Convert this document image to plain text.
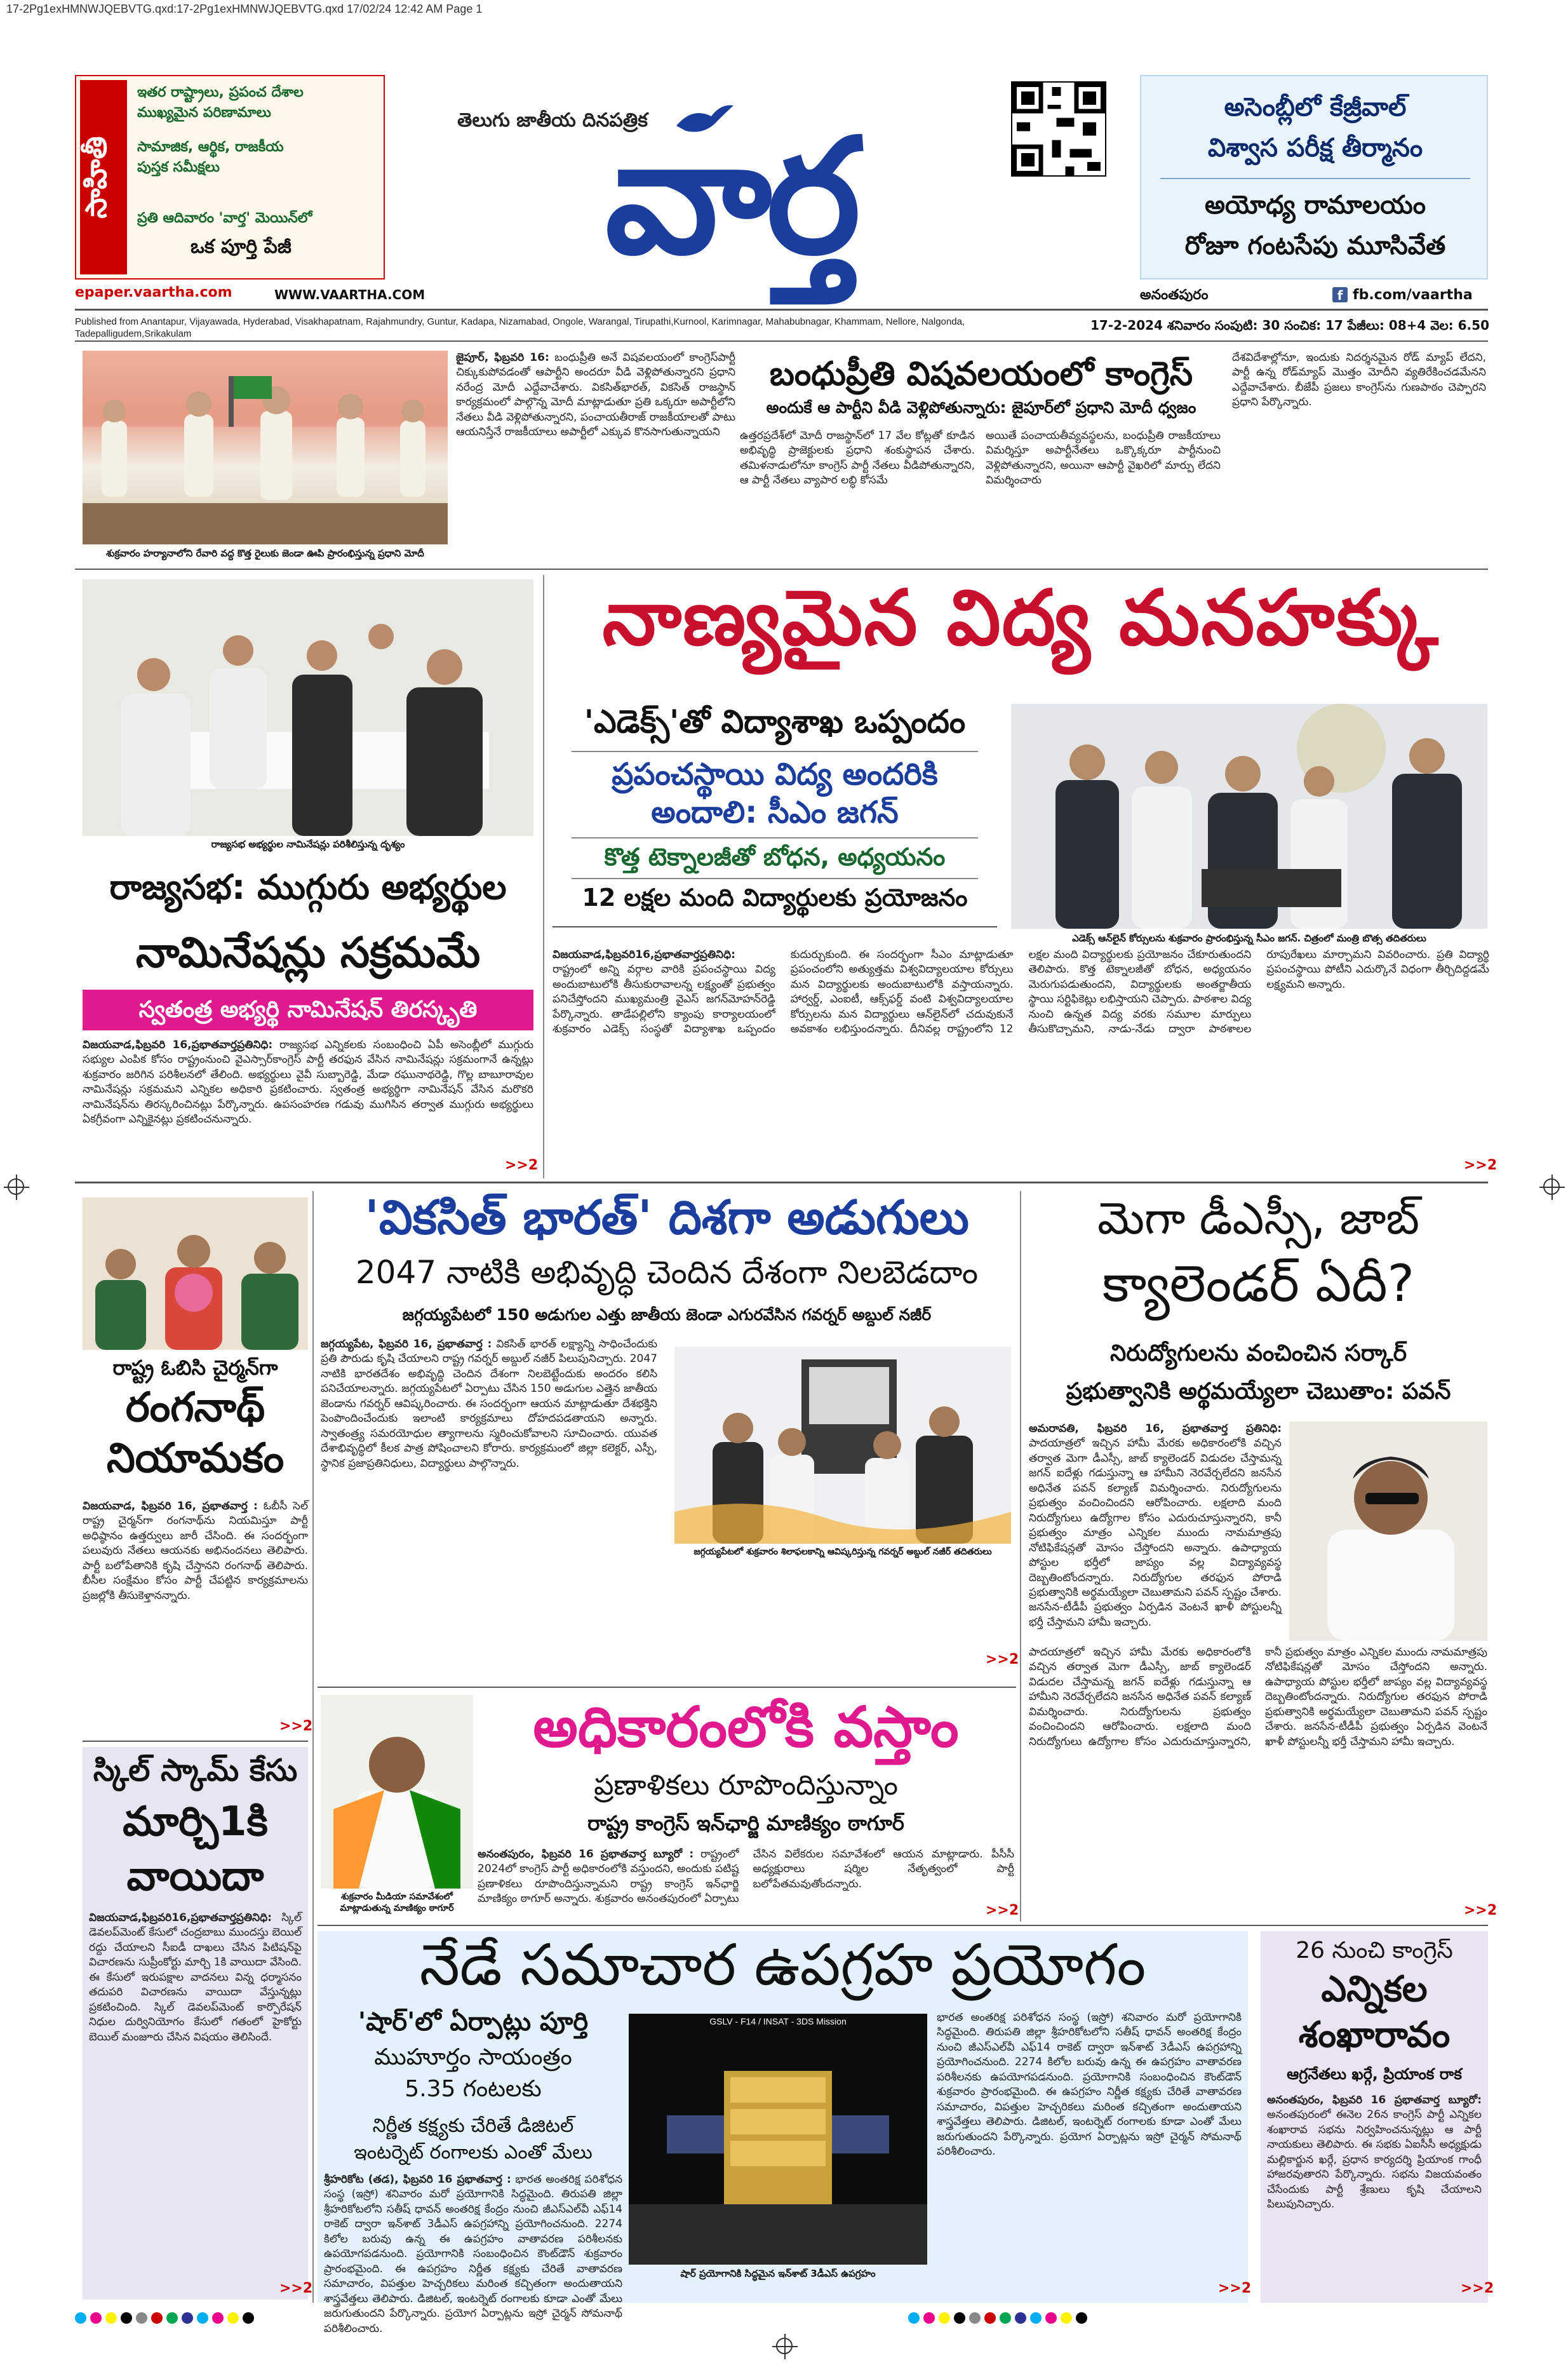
17-2Pg1exHMNWJQEBVTG.qxd:17-2Pg1exHMNWJQEBVTG.qxd 17/02/24 12:42 AM Page 1
సాహితీ
ఇతర రాష్ట్రాలు, ప్రపంచ దేశాల
ముఖ్యమైన పరిణామాలు
సామాజిక, ఆర్థిక, రాజకీయ
పుస్తక సమీక్షలు
ప్రతి ఆదివారం 'వార్త' మెయిన్‌లో
ఒక పూర్తి పేజీ
epaper.vaartha.com	WWW.VAARTHA.COM
తెలుగు జాతీయ దినపత్రిక
వార్త	అసెంబ్లీలో కేజ్రీవాల్
విశ్వాస పరీక్ష తీర్మానం
అయోధ్య రామాలయం
రోజూ గంటసేపు మూసివేత
అనంతపురం	f fb.com/vaartha
Published from Anantapur, Vijayawada, Hyderabad, Visakhapatnam, Rajahmundry, Guntur, Kadapa, Nizamabad, Ongole, Warangal, Tirupathi,Kurnool, Karimnagar, Mahabubnagar, Khammam, Nellore, Nalgonda, Tadepalligudem,Srikakulam
17-2-2024 శనివారం సంపుటి: 30 సంచిక: 17 పేజీలు: 08+4 వెల: 6.50
శుక్రవారం హర్యానాలోని రేవారి వద్ద కొత్త రైలుకు జెండా ఊపి ప్రారంభిస్తున్న ప్రధాని మోదీ
జైపూర్, ఫిబ్రవరి 16: బంధుప్రీతి అనే విషవలయంలో కాంగ్రెస్‌పార్టీ చిక్కుకుపోవడంతో ఆపార్టీని అందరూ వీడి వెళ్లిపోతున్నారని ప్రధాని నరేంద్ర మోదీ ఎద్దేవాచేశారు. వికసిత్‌భారత్, వికసిత్ రాజస్థాన్ కార్యక్రమంలో పాల్గొన్న మోదీ మాట్లాడుతూ ప్రతి ఒక్కరూ అపార్టీలోని నేతలు వీడి వెళ్లిపోతున్నారని, పంచాయతీరాజ్ రాజకీయాలతో పాటు ఆయనిస్తేనే రాజకీయాలు అపార్టీలో ఎక్కువ కొనసాగుతున్నాయని
బంధుప్రీతి విషవలయంలో కాంగ్రెస్
అందుకే ఆ పార్టీని వీడి వెళ్లిపోతున్నారు: జైపూర్‌లో ప్రధాని మోదీ ధ్వజం
ఉత్తరప్రదేశ్‌లో మోదీ రాజస్థాన్‌లో 17 వేల కోట్లతో కూడిన అభివృద్ధి ప్రాజెక్టులకు ప్రధాని శంకుస్థాపన చేశారు. తమిళనాడులోనూ కాంగ్రెస్ పార్టీ నేతలు వీడిపోతున్నారని, ఆ పార్టీ నేతలు వ్యాపార లబ్ధి కోసమే
అయితే పంచాయతీవ్యవస్థలను, బంధుప్రీతి రాజకీయాలు విమర్శిస్తూ అపార్టీనేతలు ఒక్కొక్కరూ పార్టీనుంచి వెళ్లిపోతున్నారని, అయినా ఆపార్టీ వైఖరిలో మార్పు లేదని విమర్శించారు
దేశవిదేశాల్లోనూ, ఇందుకు నిదర్శనమైన రోడ్ మ్యాప్ లేదని, పార్టీ ఉన్న రోడ్‌మ్యాప్ మొత్తం మోదీని వ్యతిరేకించడమేనని ఎద్దేవాచేశారు. బీజేపీ ప్రజలు కాంగ్రెస్‌ను గుణపాఠం చెప్పారని ప్రధాని పేర్కొన్నారు.
రాజ్యసభ అభ్యర్థుల నామినేషన్లు పరిశీలిస్తున్న దృశ్యం
రాజ్యసభ: ముగ్గురు అభ్యర్థుల
నామినేషన్లు సక్రమమే
స్వతంత్ర అభ్యర్థి నామినేషన్ తిరస్కృతి
విజయవాడ,ఫిబ్రవరి 16,ప్రభాతవార్తప్రతినిధి: రాజ్యసభ ఎన్నికలకు సంబంధించి ఏపీ అసెంబ్లీలో ముగ్గురు సభ్యుల ఎంపిక కోసం రాష్ట్రంనుంచి వైఎస్సార్‌కాంగ్రెస్ పార్టీ తరఫున వేసిన నామినేషన్లు సక్రమంగానే ఉన్నట్లు శుక్రవారం జరిగిన పరిశీలనలో తేలింది. అభ్యర్థులు వైవీ సుబ్బారెడ్డి, మేడా రఘునాథరెడ్డి, గొల్ల బాబూరావుల నామినేషన్లు సక్రమమని ఎన్నికల అధికారి ప్రకటించారు. స్వతంత్ర అభ్యర్థిగా నామినేషన్ వేసిన మరొకరి నామినేషన్‌ను తిరస్కరించినట్లు పేర్కొన్నారు. ఉపసంహరణ గడువు ముగిసిన తర్వాత ముగ్గురు అభ్యర్థులు ఏకగ్రీవంగా ఎన్నికైనట్లు ప్రకటించనున్నారు.
>>2
నాణ్యమైన విద్య మనహక్కు
'ఎడెక్స్'తో విద్యాశాఖ ఒప్పందం
ప్రపంచస్థాయి విద్య అందరికి
అందాలి: సీఎం జగన్
కొత్త టెక్నాలజీతో బోధన, అధ్యయనం
12 లక్షల మంది విద్యార్థులకు ప్రయోజనం
ఎడెక్స్ ఆన్‌లైన్ కోర్సులను శుక్రవారం ప్రారంభిస్తున్న సీఎం జగన్. చిత్రంలో మంత్రి బొత్స తదితరులు
విజయవాడ,ఫిబ్రవరి16,ప్రభాతవార్తప్రతినిధి: రాష్ట్రంలో అన్ని వర్గాల వారికి ప్రపంచస్థాయి విద్య అందుబాటులోకి తీసుకురావాలన్న లక్ష్యంతో ప్రభుత్వం పనిచేస్తోందని ముఖ్యమంత్రి వైఎస్ జగన్‌మోహన్‌రెడ్డి పేర్కొన్నారు. తాడేపల్లిలోని క్యాంపు కార్యాలయంలో శుక్రవారం ఎడెక్స్ సంస్థతో విద్యాశాఖ ఒప్పందం కుదుర్చుకుంది. ఈ సందర్భంగా సీఎం మాట్లాడుతూ ప్రపంచంలోని అత్యుత్తమ విశ్వవిద్యాలయాల కోర్సులు మన విద్యార్థులకు అందుబాటులోకి వస్తాయన్నారు. హార్వర్డ్, ఎంఐటీ, ఆక్స్‌ఫర్డ్ వంటి విశ్వవిద్యాలయాల కోర్సులను మన విద్యార్థులు ఆన్‌లైన్‌లో చదువుకునే అవకాశం లభిస్తుందన్నారు. దీనివల్ల రాష్ట్రంలోని 12 లక్షల మంది విద్యార్థులకు ప్రయోజనం చేకూరుతుందని తెలిపారు. కొత్త టెక్నాలజీతో బోధన, అధ్యయనం మెరుగుపడుతుందని, విద్యార్థులకు అంతర్జాతీయ స్థాయి సర్టిఫికెట్లు లభిస్తాయని చెప్పారు. పాఠశాల విద్య నుంచి ఉన్నత విద్య వరకు సమూల మార్పులు తీసుకొచ్చామని, నాడు-నేడు ద్వారా పాఠశాలల రూపురేఖలు మార్చామని వివరించారు. ప్రతి విద్యార్థి ప్రపంచస్థాయి పోటీని ఎదుర్కొనే విధంగా తీర్చిదిద్దడమే లక్ష్యమని అన్నారు.
>>2
రాష్ట్ర ఓబిసి చైర్మన్‌గా
రంగనాథ్
నియామకం
విజయవాడ, ఫిబ్రవరి 16, ప్రభాతవార్త : ఓబీసీ సెల్ రాష్ట్ర చైర్మన్‌గా రంగనాథ్‌ను నియమిస్తూ పార్టీ అధిష్ఠానం ఉత్తర్వులు జారీ చేసింది. ఈ సందర్భంగా పలువురు నేతలు ఆయనకు అభినందనలు తెలిపారు. పార్టీ బలోపేతానికి కృషి చేస్తానని రంగనాథ్ తెలిపారు. బీసీల సంక్షేమం కోసం పార్టీ చేపట్టిన కార్యక్రమాలను ప్రజల్లోకి తీసుకెళ్తానన్నారు.
>>2
స్కిల్ స్కామ్ కేసు
మార్చి1కి
వాయిదా
విజయవాడ,ఫిబ్రవరి16,ప్రభాతవార్తప్రతినిధి: స్కిల్ డెవలప్‌మెంట్ కేసులో చంద్రబాబు ముందస్తు బెయిల్ రద్దు చేయాలని సీఐడీ దాఖలు చేసిన పిటిషన్‌పై విచారణను సుప్రీంకోర్టు మార్చి 1కి వాయిదా వేసింది. ఈ కేసులో ఇరుపక్షాల వాదనలు విన్న ధర్మాసనం తదుపరి విచారణను వాయిదా వేస్తున్నట్లు ప్రకటించింది. స్కిల్ డెవలప్‌మెంట్ కార్పొరేషన్ నిధుల దుర్వినియోగం కేసులో గతంలో హైకోర్టు బెయిల్ మంజూరు చేసిన విషయం తెలిసిందే.
>>2
'వికసిత్ భారత్' దిశగా అడుగులు
2047 నాటికి అభివృద్ధి చెందిన దేశంగా నిలబెడదాం
జగ్గయ్యపేటలో 150 అడుగుల ఎత్తు జాతీయ జెండా ఎగురవేసిన గవర్నర్ అబ్దుల్ నజీర్
జగ్గయ్యపేట, ఫిబ్రవరి 16, ప్రభాతవార్త : వికసిత్ భారత్ లక్ష్యాన్ని సాధించేందుకు ప్రతి పౌరుడు కృషి చేయాలని రాష్ట్ర గవర్నర్ అబ్దుల్ నజీర్ పిలుపునిచ్చారు. 2047 నాటికి భారతదేశం అభివృద్ధి చెందిన దేశంగా నిలబెట్టేందుకు అందరం కలిసి పనిచేయాలన్నారు. జగ్గయ్యపేటలో ఏర్పాటు చేసిన 150 అడుగుల ఎత్తైన జాతీయ జెండాను గవర్నర్ ఆవిష్కరించారు. ఈ సందర్భంగా ఆయన మాట్లాడుతూ దేశభక్తిని పెంపొందించేందుకు ఇలాంటి కార్యక్రమాలు దోహదపడతాయని అన్నారు. స్వాతంత్ర్య సమరయోధుల త్యాగాలను స్మరించుకోవాలని సూచించారు. యువత దేశాభివృద్ధిలో కీలక పాత్ర పోషించాలని కోరారు. కార్యక్రమంలో జిల్లా కలెక్టర్, ఎస్పీ, స్థానిక ప్రజాప్రతినిధులు, విద్యార్థులు పాల్గొన్నారు.
జగ్గయ్యపేటలో శుక్రవారం శిలాఫలకాన్ని ఆవిష్కరిస్తున్న గవర్నర్ అబ్దుల్ నజీర్ తదితరులు
>>2
శుక్రవారం మీడియా సమావేశంలో మాట్లాడుతున్న మాణిక్యం ఠాగూర్
అధికారంలోకి వస్తాం
ప్రణాళికలు రూపొందిస్తున్నాం
రాష్ట్ర కాంగ్రెస్ ఇన్‌ఛార్జి మాణిక్యం ఠాగూర్
అనంతపురం, ఫిబ్రవరి 16 ప్రభాతవార్త బ్యూరో : రాష్ట్రంలో 2024లో కాంగ్రెస్ పార్టీ అధికారంలోకి వస్తుందని, అందుకు పటిష్ట ప్రణాళికలు రూపొందిస్తున్నామని రాష్ట్ర కాంగ్రెస్ ఇన్‌ఛార్జి మాణిక్యం ఠాగూర్ అన్నారు. శుక్రవారం అనంతపురంలో ఏర్పాటు చేసిన విలేకరుల సమావేశంలో ఆయన మాట్లాడారు. పీసీసీ అధ్యక్షురాలు షర్మిల నేతృత్వంలో పార్టీ బలోపేతమవుతోందన్నారు.
>>2
మెగా డీఎస్సీ, జాబ్
క్యాలెండర్ ఏదీ?
నిరుద్యోగులను వంచించిన సర్కార్
ప్రభుత్వానికి అర్థమయ్యేలా చెబుతాం: పవన్
అమరావతి, ఫిబ్రవరి 16, ప్రభాతవార్త ప్రతినిధి: పాదయాత్రలో ఇచ్చిన హామీ మేరకు అధికారంలోకి వచ్చిన తర్వాత మెగా డీఎస్సీ, జాబ్ క్యాలెండర్ విడుదల చేస్తామన్న జగన్ ఐదేళ్లు గడుస్తున్నా ఆ హామీని నెరవేర్చలేదని జనసేన అధినేత పవన్ కల్యాణ్ విమర్శించారు. నిరుద్యోగులను ప్రభుత్వం వంచించిందని ఆరోపించారు. లక్షలాది మంది నిరుద్యోగులు ఉద్యోగాల కోసం ఎదురుచూస్తున్నారని, కానీ ప్రభుత్వం మాత్రం ఎన్నికల ముందు నామమాత్రపు నోటిఫికేషన్లతో మోసం చేస్తోందని అన్నారు. ఉపాధ్యాయ పోస్టుల భర్తీలో జాప్యం వల్ల విద్యావ్యవస్థ దెబ్బతింటోందన్నారు. నిరుద్యోగుల తరఫున పోరాడి ప్రభుత్వానికి అర్థమయ్యేలా చెబుతామని పవన్ స్పష్టం చేశారు. జనసేన-టీడీపీ ప్రభుత్వం ఏర్పడిన వెంటనే ఖాళీ పోస్టులన్నీ భర్తీ చేస్తామని హామీ ఇచ్చారు.
పాదయాత్రలో ఇచ్చిన హామీ మేరకు అధికారంలోకి వచ్చిన తర్వాత మెగా డీఎస్సీ, జాబ్ క్యాలెండర్ విడుదల చేస్తామన్న జగన్ ఐదేళ్లు గడుస్తున్నా ఆ హామీని నెరవేర్చలేదని జనసేన అధినేత పవన్ కల్యాణ్ విమర్శించారు. నిరుద్యోగులను ప్రభుత్వం వంచించిందని ఆరోపించారు. లక్షలాది మంది నిరుద్యోగులు ఉద్యోగాల కోసం ఎదురుచూస్తున్నారని, కానీ ప్రభుత్వం మాత్రం ఎన్నికల ముందు నామమాత్రపు నోటిఫికేషన్లతో మోసం చేస్తోందని అన్నారు. ఉపాధ్యాయ పోస్టుల భర్తీలో జాప్యం వల్ల విద్యావ్యవస్థ దెబ్బతింటోందన్నారు. నిరుద్యోగుల తరఫున పోరాడి ప్రభుత్వానికి అర్థమయ్యేలా చెబుతామని పవన్ స్పష్టం చేశారు. జనసేన-టీడీపీ ప్రభుత్వం ఏర్పడిన వెంటనే ఖాళీ పోస్టులన్నీ భర్తీ చేస్తామని హామీ ఇచ్చారు.
>>2
నేడే సమాచార ఉపగ్రహ ప్రయోగం
'షార్'లో ఏర్పాట్లు పూర్తి
ముహూర్తం సాయంత్రం
5.35 గంటలకు
నిర్ణీత కక్ష్యకు చేరితే డిజిటల్
ఇంటర్నెట్ రంగాలకు ఎంతో మేలు
శ్రీహరికోట (తడ), ఫిబ్రవరి 16 ప్రభాతవార్త : భారత అంతరిక్ష పరిశోధన సంస్థ (ఇస్రో) శనివారం మరో ప్రయోగానికి సిద్ధమైంది. తిరుపతి జిల్లా శ్రీహరికోటలోని సతీష్ ధావన్ అంతరిక్ష కేంద్రం నుంచి జీఎస్‌ఎల్‌వీ ఎఫ్14 రాకెట్ ద్వారా ఇన్‌శాట్ 3డీఎస్ ఉపగ్రహాన్ని ప్రయోగించనుంది. 2274 కిలోల బరువు ఉన్న ఈ ఉపగ్రహం వాతావరణ పరిశీలనకు ఉపయోగపడనుంది. ప్రయోగానికి సంబంధించిన కౌంట్‌డౌన్ శుక్రవారం ప్రారంభమైంది. ఈ ఉపగ్రహం నిర్ణీత కక్ష్యకు చేరితే వాతావరణ సమాచారం, విపత్తుల హెచ్చరికలు మరింత కచ్చితంగా అందుతాయని శాస్త్రవేత్తలు తెలిపారు. డిజిటల్, ఇంటర్నెట్ రంగాలకు కూడా ఎంతో మేలు జరుగుతుందని పేర్కొన్నారు. ప్రయోగ ఏర్పాట్లను ఇస్రో చైర్మన్ సోమనాథ్ పరిశీలించారు.
GSLV - F14 / INSAT - 3DS Mission
షార్ ప్రయోగానికి సిద్ధమైన ఇన్‌శాట్ 3డీఎస్ ఉపగ్రహం
భారత అంతరిక్ష పరిశోధన సంస్థ (ఇస్రో) శనివారం మరో ప్రయోగానికి సిద్ధమైంది. తిరుపతి జిల్లా శ్రీహరికోటలోని సతీష్ ధావన్ అంతరిక్ష కేంద్రం నుంచి జీఎస్‌ఎల్‌వీ ఎఫ్14 రాకెట్ ద్వారా ఇన్‌శాట్ 3డీఎస్ ఉపగ్రహాన్ని ప్రయోగించనుంది. 2274 కిలోల బరువు ఉన్న ఈ ఉపగ్రహం వాతావరణ పరిశీలనకు ఉపయోగపడనుంది. ప్రయోగానికి సంబంధించిన కౌంట్‌డౌన్ శుక్రవారం ప్రారంభమైంది. ఈ ఉపగ్రహం నిర్ణీత కక్ష్యకు చేరితే వాతావరణ సమాచారం, విపత్తుల హెచ్చరికలు మరింత కచ్చితంగా అందుతాయని శాస్త్రవేత్తలు తెలిపారు. డిజిటల్, ఇంటర్నెట్ రంగాలకు కూడా ఎంతో మేలు జరుగుతుందని పేర్కొన్నారు. ప్రయోగ ఏర్పాట్లను ఇస్రో చైర్మన్ సోమనాథ్ పరిశీలించారు.
>>2
26 నుంచి కాంగ్రెస్
ఎన్నికల
శంఖారావం
ఆగ్రనేతలు ఖర్గే, ప్రియాంక రాక
అనంతపురం, ఫిబ్రవరి 16 ప్రభాతవార్త బ్యూరో: అనంతపురంలో ఈనెల 26న కాంగ్రెస్ పార్టీ ఎన్నికల శంఖారావ సభను నిర్వహించనున్నట్లు ఆ పార్టీ నాయకులు తెలిపారు. ఈ సభకు ఏఐసీసీ అధ్యక్షుడు మల్లికార్జున ఖర్గే, ప్రధాన కార్యదర్శి ప్రియాంక గాంధీ హాజరవుతారని పేర్కొన్నారు. సభను విజయవంతం చేసేందుకు పార్టీ శ్రేణులు కృషి చేయాలని పిలుపునిచ్చారు.
>>2
